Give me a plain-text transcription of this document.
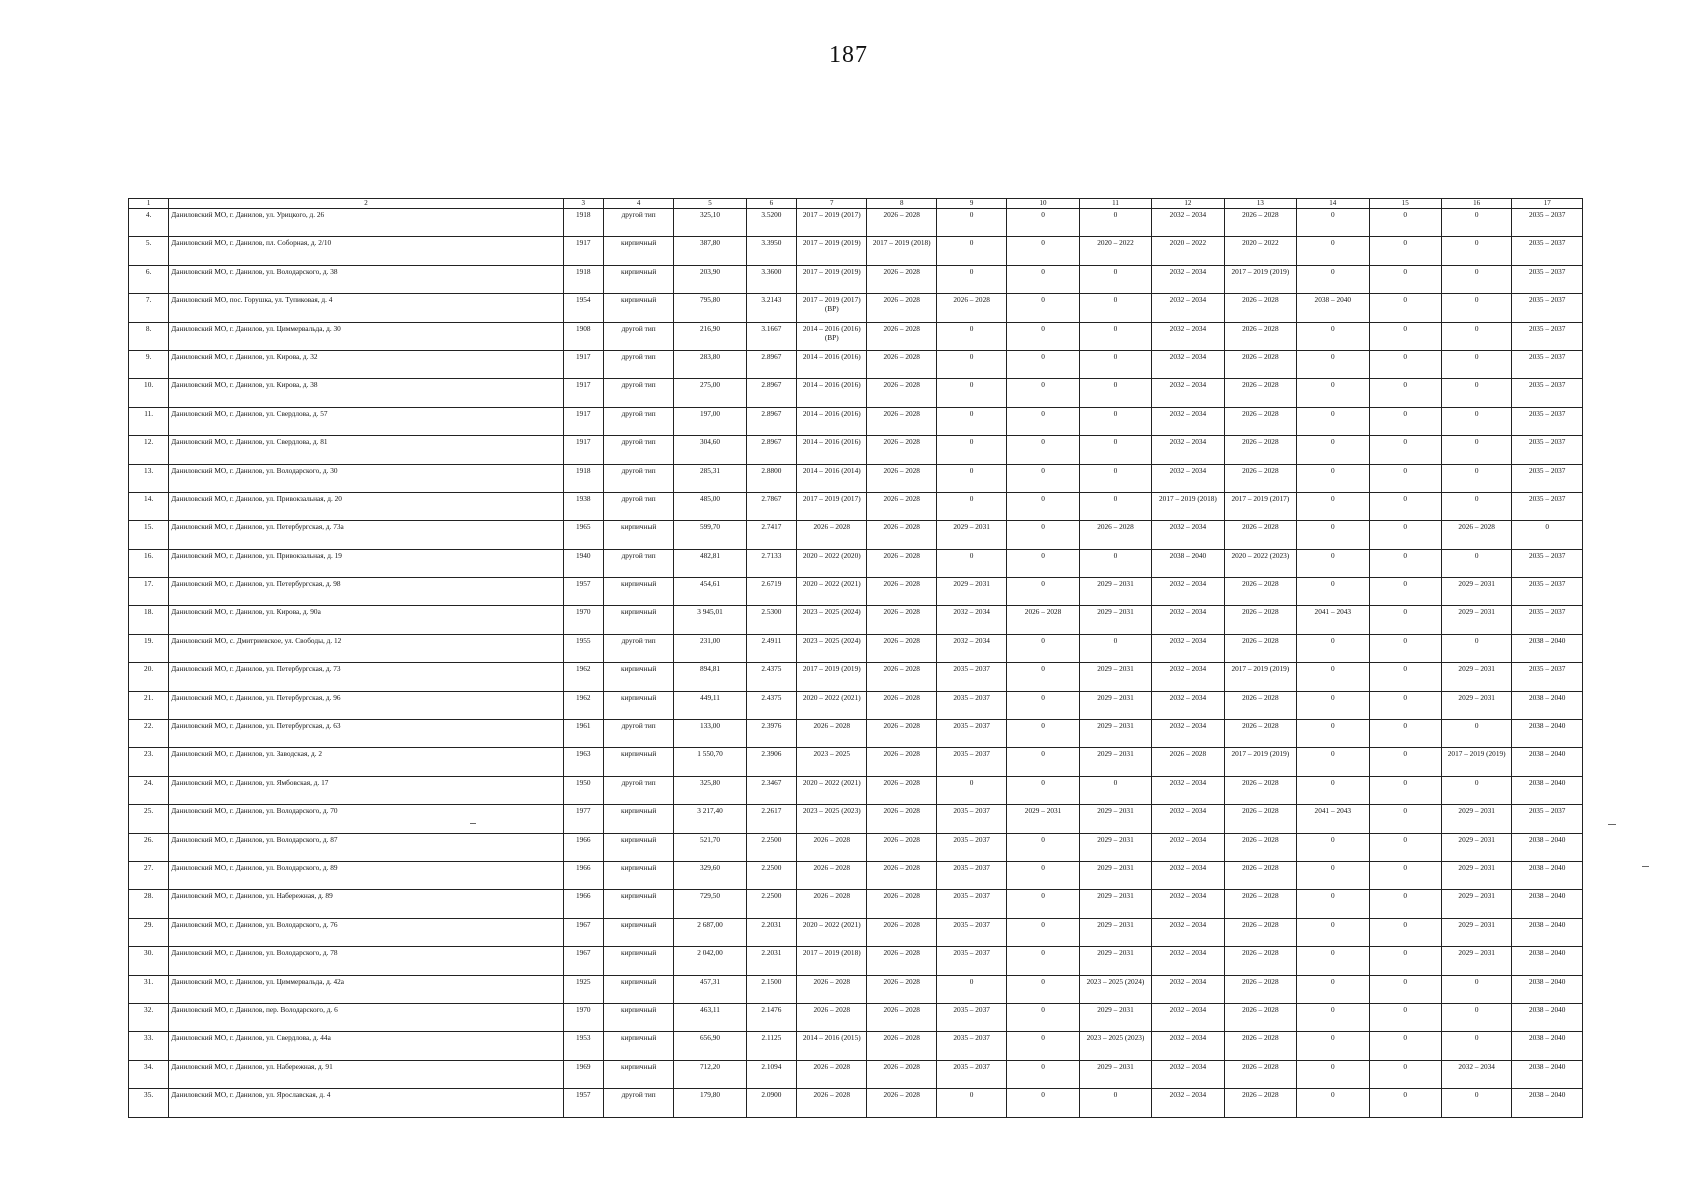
187
1	2	3	4	5	6	7	8	9	10	11	12	13	14	15	16	17
4.	Даниловский МО, г. Данилов, ул. Урицкого, д. 26	1918	другой тип	325,10	3.5200	2017 – 2019 (2017)	2026 – 2028	0	0	0	2032 – 2034	2026 – 2028	0	0	0	2035 – 2037
5.	Даниловский МО, г. Данилов, пл. Соборная, д. 2/10	1917	кирпичный	387,80	3.3950	2017 – 2019 (2019)	2017 – 2019 (2018)	0	0	2020 – 2022	2020 – 2022	2020 – 2022	0	0	0	2035 – 2037
6.	Даниловский МО, г. Данилов, ул. Володарского, д. 38	1918	кирпичный	203,90	3.3600	2017 – 2019 (2019)	2026 – 2028	0	0	0	2032 – 2034	2017 – 2019 (2019)	0	0	0	2035 – 2037
7.	Даниловский МО, пос. Горушка, ул. Тупиковая, д. 4	1954	кирпичный	795,80	3.2143	2017 – 2019 (2017) (ВР)	2026 – 2028	2026 – 2028	0	0	2032 – 2034	2026 – 2028	2038 – 2040	0	0	2035 – 2037
8.	Даниловский МО, г. Данилов, ул. Циммервальда, д. 30	1908	другой тип	216,90	3.1667	2014 – 2016 (2016) (ВР)	2026 – 2028	0	0	0	2032 – 2034	2026 – 2028	0	0	0	2035 – 2037
9.	Даниловский МО, г. Данилов, ул. Кирова, д. 32	1917	другой тип	283,80	2.8967	2014 – 2016 (2016)	2026 – 2028	0	0	0	2032 – 2034	2026 – 2028	0	0	0	2035 – 2037
10.	Даниловский МО, г. Данилов, ул. Кирова, д. 38	1917	другой тип	275,00	2.8967	2014 – 2016 (2016)	2026 – 2028	0	0	0	2032 – 2034	2026 – 2028	0	0	0	2035 – 2037
11.	Даниловский МО, г. Данилов, ул. Свердлова, д. 57	1917	другой тип	197,00	2.8967	2014 – 2016 (2016)	2026 – 2028	0	0	0	2032 – 2034	2026 – 2028	0	0	0	2035 – 2037
12.	Даниловский МО, г. Данилов, ул. Свердлова, д. 81	1917	другой тип	304,60	2.8967	2014 – 2016 (2016)	2026 – 2028	0	0	0	2032 – 2034	2026 – 2028	0	0	0	2035 – 2037
13.	Даниловский МО, г. Данилов, ул. Володарского, д. 30	1918	другой тип	285,31	2.8800	2014 – 2016 (2014)	2026 – 2028	0	0	0	2032 – 2034	2026 – 2028	0	0	0	2035 – 2037
14.	Даниловский МО, г. Данилов, ул. Привокзальная, д. 20	1938	другой тип	485,00	2.7867	2017 – 2019 (2017)	2026 – 2028	0	0	0	2017 – 2019 (2018)	2017 – 2019 (2017)	0	0	0	2035 – 2037
15.	Даниловский МО, г. Данилов, ул. Петербургская, д. 73а	1965	кирпичный	599,70	2.7417	2026 – 2028	2026 – 2028	2029 – 2031	0	2026 – 2028	2032 – 2034	2026 – 2028	0	0	2026 – 2028	0
16.	Даниловский МО, г. Данилов, ул. Привокзальная, д. 19	1940	другой тип	482,81	2.7133	2020 – 2022 (2020)	2026 – 2028	0	0	0	2038 – 2040	2020 – 2022 (2023)	0	0	0	2035 – 2037
17.	Даниловский МО, г. Данилов, ул. Петербургская, д. 98	1957	кирпичный	454,61	2.6719	2020 – 2022 (2021)	2026 – 2028	2029 – 2031	0	2029 – 2031	2032 – 2034	2026 – 2028	0	0	2029 – 2031	2035 – 2037
18.	Даниловский МО, г. Данилов, ул. Кирова, д. 90а	1970	кирпичный	3 945,01	2.5300	2023 – 2025 (2024)	2026 – 2028	2032 – 2034	2026 – 2028	2029 – 2031	2032 – 2034	2026 – 2028	2041 – 2043	0	2029 – 2031	2035 – 2037
19.	Даниловский МО, с. Дмитриевское, ул. Свободы, д. 12	1955	другой тип	231,00	2.4911	2023 – 2025 (2024)	2026 – 2028	2032 – 2034	0	0	2032 – 2034	2026 – 2028	0	0	0	2038 – 2040
20.	Даниловский МО, г. Данилов, ул. Петербургская, д. 73	1962	кирпичный	894,81	2.4375	2017 – 2019 (2019)	2026 – 2028	2035 – 2037	0	2029 – 2031	2032 – 2034	2017 – 2019 (2019)	0	0	2029 – 2031	2035 – 2037
21.	Даниловский МО, г. Данилов, ул. Петербургская, д. 96	1962	кирпичный	449,11	2.4375	2020 – 2022 (2021)	2026 – 2028	2035 – 2037	0	2029 – 2031	2032 – 2034	2026 – 2028	0	0	2029 – 2031	2038 – 2040
22.	Даниловский МО, г. Данилов, ул. Петербургская, д. 63	1961	другой тип	133,00	2.3976	2026 – 2028	2026 – 2028	2035 – 2037	0	2029 – 2031	2032 – 2034	2026 – 2028	0	0	0	2038 – 2040
23.	Даниловский МО, г. Данилов, ул. Заводская, д. 2	1963	кирпичный	1 550,70	2.3906	2023 – 2025	2026 – 2028	2035 – 2037	0	2029 – 2031	2026 – 2028	2017 – 2019 (2019)	0	0	2017 – 2019 (2019)	2038 – 2040
24.	Даниловский МО, г. Данилов, ул. Ямбовская, д. 17	1950	другой тип	325,80	2.3467	2020 – 2022 (2021)	2026 – 2028	0	0	0	2032 – 2034	2026 – 2028	0	0	0	2038 – 2040
25.	Даниловский МО, г. Данилов, ул. Володарского, д. 70	1977	кирпичный	3 217,40	2.2617	2023 – 2025 (2023)	2026 – 2028	2035 – 2037	2029 – 2031	2029 – 2031	2032 – 2034	2026 – 2028	2041 – 2043	0	2029 – 2031	2035 – 2037
26.	Даниловский МО, г. Данилов, ул. Володарского, д. 87	1966	кирпичный	521,70	2.2500	2026 – 2028	2026 – 2028	2035 – 2037	0	2029 – 2031	2032 – 2034	2026 – 2028	0	0	2029 – 2031	2038 – 2040
27.	Даниловский МО, г. Данилов, ул. Володарского, д. 89	1966	кирпичный	329,60	2.2500	2026 – 2028	2026 – 2028	2035 – 2037	0	2029 – 2031	2032 – 2034	2026 – 2028	0	0	2029 – 2031	2038 – 2040
28.	Даниловский МО, г. Данилов, ул. Набережная, д. 89	1966	кирпичный	729,50	2.2500	2026 – 2028	2026 – 2028	2035 – 2037	0	2029 – 2031	2032 – 2034	2026 – 2028	0	0	2029 – 2031	2038 – 2040
29.	Даниловский МО, г. Данилов, ул. Володарского, д. 76	1967	кирпичный	2 687,00	2.2031	2020 – 2022 (2021)	2026 – 2028	2035 – 2037	0	2029 – 2031	2032 – 2034	2026 – 2028	0	0	2029 – 2031	2038 – 2040
30.	Даниловский МО, г. Данилов, ул. Володарского, д. 78	1967	кирпичный	2 042,00	2.2031	2017 – 2019 (2018)	2026 – 2028	2035 – 2037	0	2029 – 2031	2032 – 2034	2026 – 2028	0	0	2029 – 2031	2038 – 2040
31.	Даниловский МО, г. Данилов, ул. Циммервальда, д. 42а	1925	кирпичный	457,31	2.1500	2026 – 2028	2026 – 2028	0	0	2023 – 2025 (2024)	2032 – 2034	2026 – 2028	0	0	0	2038 – 2040
32.	Даниловский МО, г. Данилов, пер. Володарского, д. 6	1970	кирпичный	463,11	2.1476	2026 – 2028	2026 – 2028	2035 – 2037	0	2029 – 2031	2032 – 2034	2026 – 2028	0	0	0	2038 – 2040
33.	Даниловский МО, г. Данилов, ул. Свердлова, д. 44а	1953	кирпичный	656,90	2.1125	2014 – 2016 (2015)	2026 – 2028	2035 – 2037	0	2023 – 2025 (2023)	2032 – 2034	2026 – 2028	0	0	0	2038 – 2040
34.	Даниловский МО, г. Данилов, ул. Набережная, д. 91	1969	кирпичный	712,20	2.1094	2026 – 2028	2026 – 2028	2035 – 2037	0	2029 – 2031	2032 – 2034	2026 – 2028	0	0	2032 – 2034	2038 – 2040
35.	Даниловский МО, г. Данилов, ул. Ярославская, д. 4	1957	другой тип	179,80	2.0900	2026 – 2028	2026 – 2028	0	0	0	2032 – 2034	2026 – 2028	0	0	0	2038 – 2040
